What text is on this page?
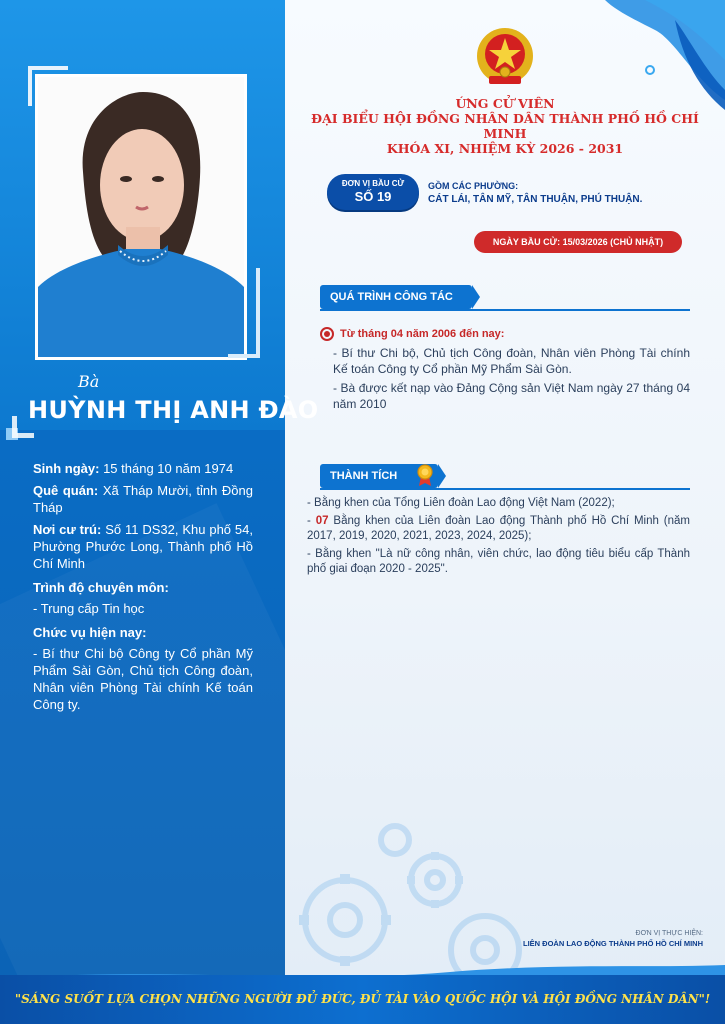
Bà
HUỲNH THỊ ANH ĐÀO

Sinh ngày: 15 tháng 10 năm 1974

Quê quán: Xã Tháp Mười, tỉnh Đồng Tháp

Nơi cư trú: Số 11 DS32, Khu phố 54, Phường Phước Long, Thành phố Hồ Chí Minh

Trình độ chuyên môn:

- Trung cấp Tin học

Chức vụ hiện nay:

- Bí thư Chi bộ Công ty Cổ phần Mỹ Phẩm Sài Gòn, Chủ tịch Công đoàn, Nhân viên Phòng Tài chính Kế toán Công ty.

ỨNG CỬ VIÊN
ĐẠI BIỂU HỘI ĐỒNG NHÂN DÂN THÀNH PHỐ HỒ CHÍ MINH
KHÓA XI, NHIỆM KỲ 2026 - 2031
ĐƠN VỊ BẦU CỬ
SỐ 19
GỒM CÁC PHƯỜNG:
CÁT LÁI, TÂN MỸ, TÂN THUẬN, PHÚ THUẬN.
NGÀY BẦU CỬ: 15/03/2026 (CHỦ NHẬT)
QUÁ TRÌNH CÔNG TÁC
Từ tháng 04 năm 2006 đến nay:

- Bí thư Chi bộ, Chủ tịch Công đoàn, Nhân viên Phòng Tài chính Kế toán Công ty Cổ phần Mỹ Phẩm Sài Gòn.

- Bà được kết nạp vào Đảng Cộng sản Việt Nam ngày 27 tháng 04 năm 2010

THÀNH TÍCH

- Bằng khen của Tổng Liên đoàn Lao động Việt Nam (2022);

- 07 Bằng khen của Liên đoàn Lao động Thành phố Hồ Chí Minh (năm 2017, 2019, 2020, 2021, 2023, 2024, 2025);

- Bằng khen "Là nữ công nhân, viên chức, lao động tiêu biểu cấp Thành phố giai đoạn 2020 - 2025".

ĐƠN VỊ THỰC HIỆN:
LIÊN ĐOÀN LAO ĐỘNG THÀNH PHỐ HỒ CHÍ MINH
"SÁNG SUỐT LỰA CHỌN NHỮNG NGƯỜI ĐỦ ĐỨC, ĐỦ TÀI VÀO QUỐC HỘI VÀ HỘI ĐỒNG NHÂN DÂN"!
